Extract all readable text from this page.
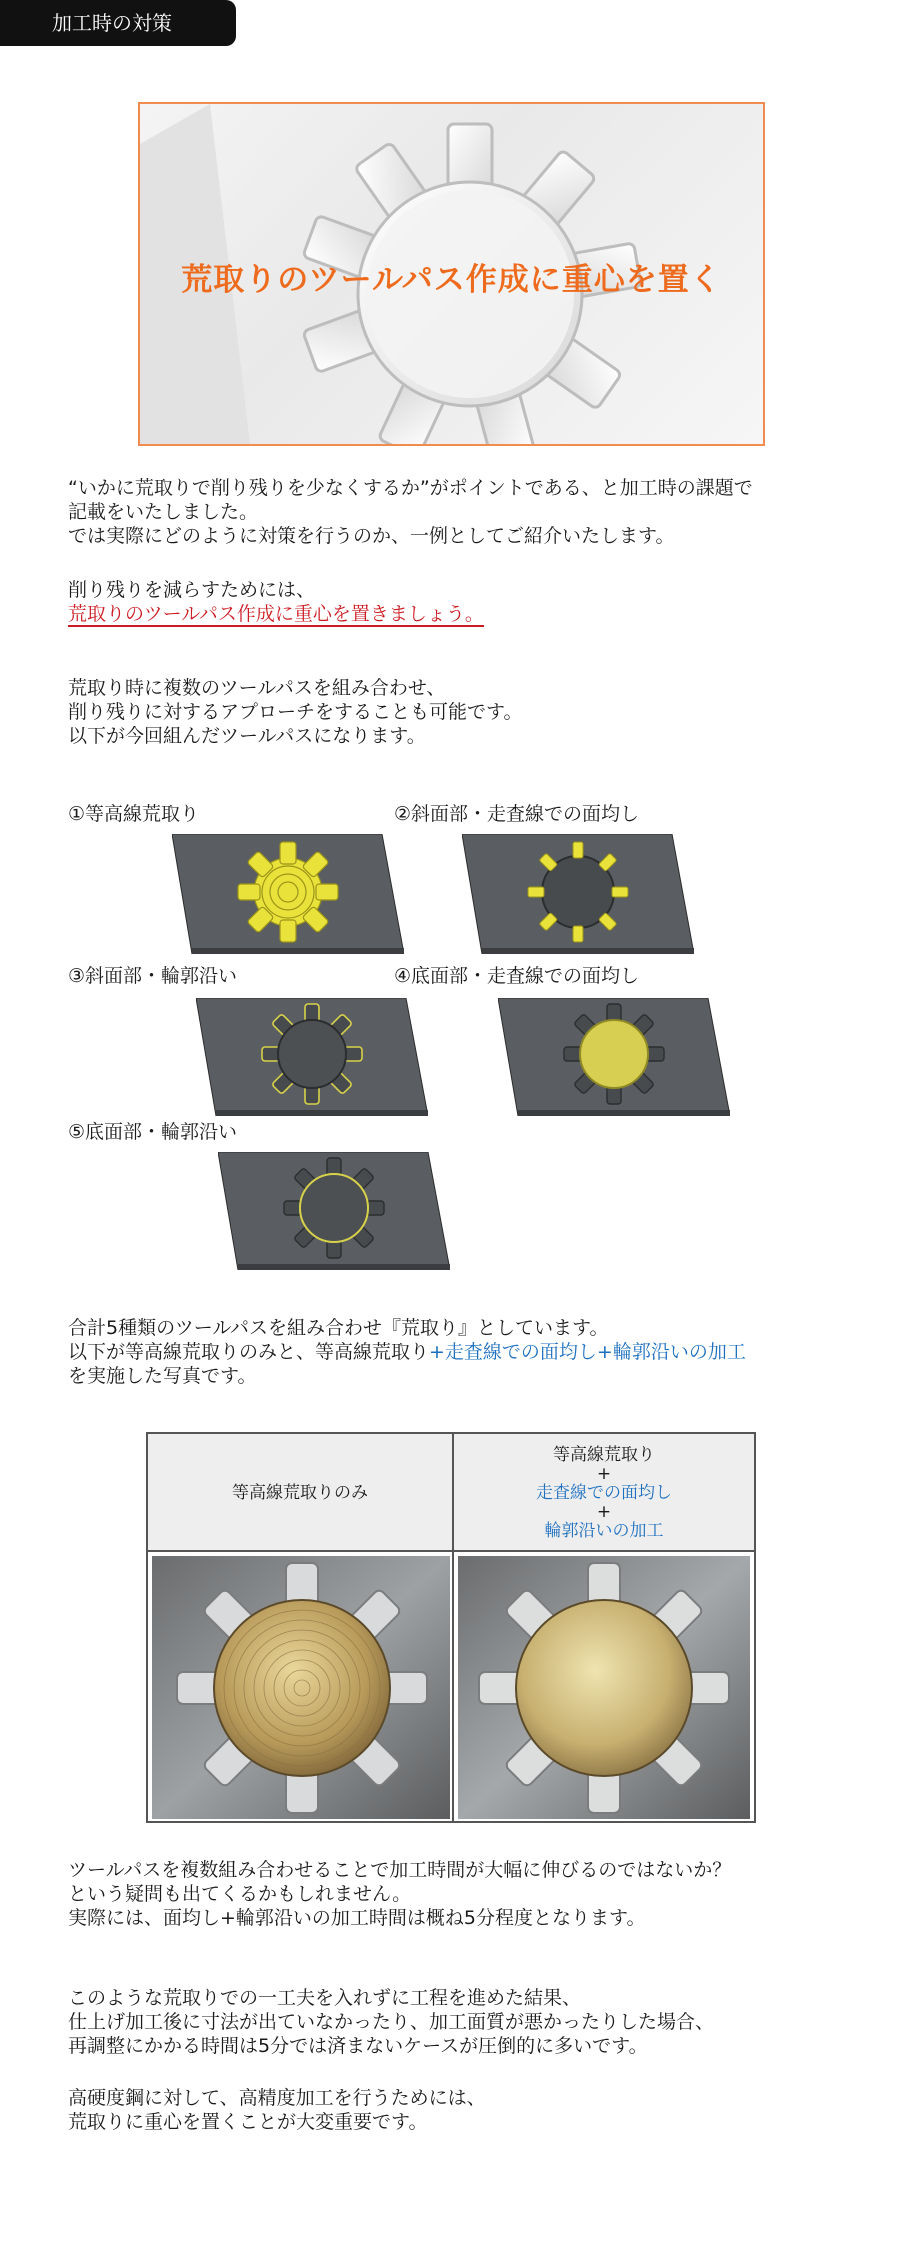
加工時の対策
荒取りのツールパス作成に重心を置く
“いかに荒取りで削り残りを少なくするか”がポイントである、と加工時の課題で
記載をいたしました。
では実際にどのように対策を行うのか、一例としてご紹介いたします。
削り残りを減らすためには、
荒取りのツールパス作成に重心を置きましょう。
荒取り時に複数のツールパスを組み合わせ、
削り残りに対するアプローチをすることも可能です。
以下が今回組んだツールパスになります。
①等高線荒取り	②斜面部・走査線での面均し
③斜面部・輪郭沿い	④底面部・走査線での面均し
⑤底面部・輪郭沿い
合計5種類のツールパスを組み合わせ『荒取り』としています。
以下が等高線荒取りのみと、等高線荒取り+走査線での面均し+輪郭沿いの加工
を実施した写真です。
等高線荒取りのみ
等高線荒取り
+
走査線での面均し
+
輪郭沿いの加工
ツールパスを複数組み合わせることで加工時間が大幅に伸びるのではないか？
という疑問も出てくるかもしれません。
実際には、面均し+輪郭沿いの加工時間は概ね5分程度となります。
このような荒取りでの一工夫を入れずに工程を進めた結果、
仕上げ加工後に寸法が出ていなかったり、加工面質が悪かったりした場合、
再調整にかかる時間は5分では済まないケースが圧倒的に多いです。
高硬度鋼に対して、高精度加工を行うためには、
荒取りに重心を置くことが大変重要です。
